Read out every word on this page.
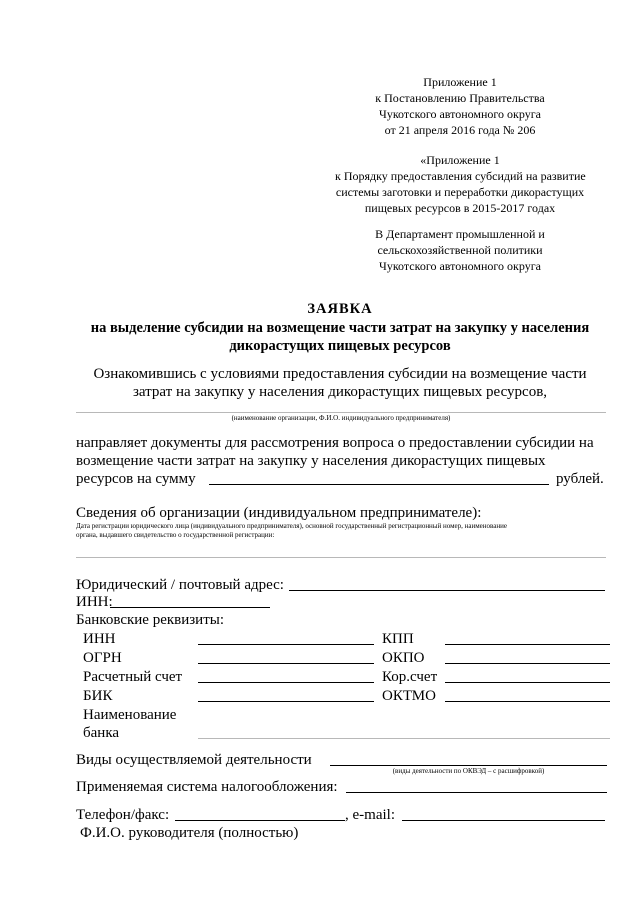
Приложение 1
к Постановлению Правительства
Чукотского автономного округа
от 21 апреля 2016 года № 206
«Приложение 1
к Порядку предоставления субсидий на развитие
системы заготовки и переработки дикорастущих
пищевых ресурсов в 2015-2017 годах
В Департамент промышленной и
сельскохозяйственной политики
Чукотского автономного округа
ЗАЯВКА
на выделение субсидии на возмещение части затрат на закупку у населения
дикорастущих пищевых ресурсов
Ознакомившись с условиями предоставления субсидии на возмещение части
затрат на закупку у населения дикорастущих пищевых ресурсов,
(наименование организации, Ф.И.О. индивидуального предпринимателя)
направляет документы для рассмотрения вопроса о предоставлении субсидии на
возмещение части затрат на закупку у населения дикорастущих пищевых
ресурсов на сумму	рублей.
Сведения об организации (индивидуальном предпринимателе):
Дата регистрации юридического лица (индивидуального предпринимателя), основной государственный регистрационный номер, наименование
органа, выдавшего свидетельство о государственной регистрации:
Юридический / почтовый адрес:
ИНН:
Банковские реквизиты:
ИНН	КПП
ОГРН	ОКПО
Расчетный счет	Кор.счет
БИК	ОКТМО
Наименование
банка
Виды осуществляемой деятельности
(виды деятельности по ОКВЭД – с расшифровкой)
Применяемая система налогообложения:
Телефон/факс:	, e-mail:
Ф.И.О. руководителя (полностью)
